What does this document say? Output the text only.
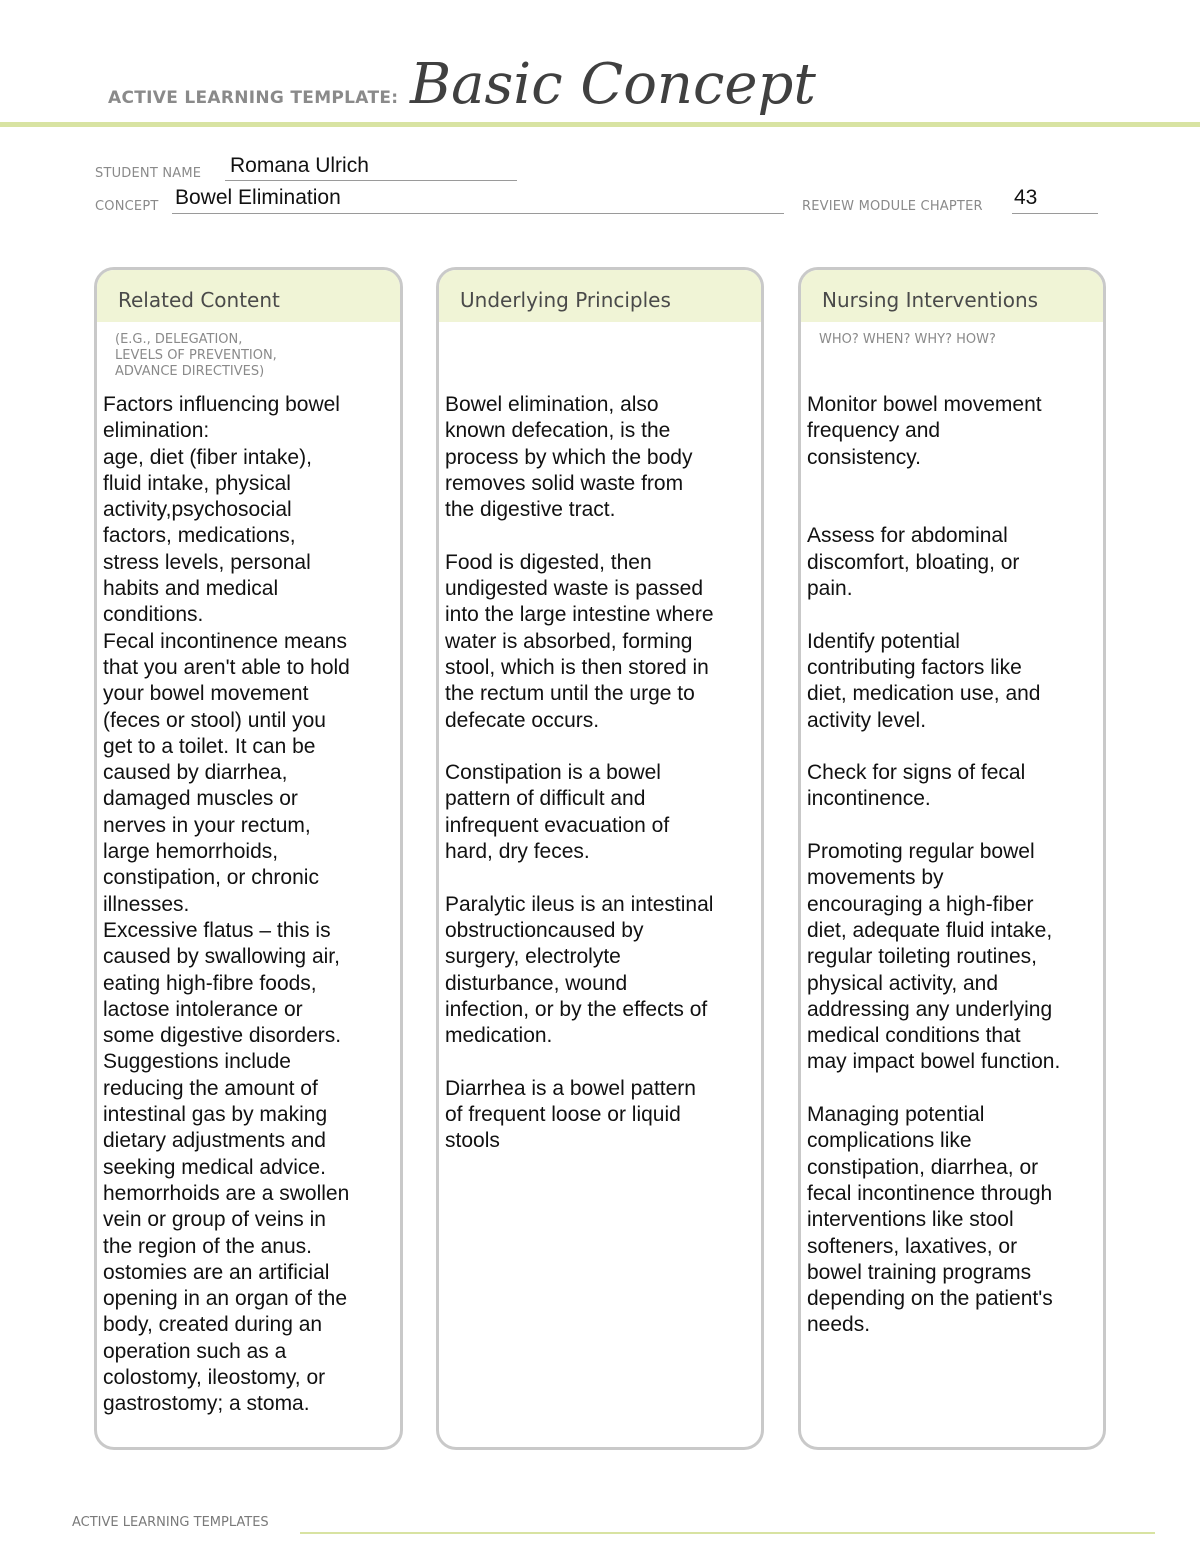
ACTIVE LEARNING TEMPLATE: Basic Concept
STUDENT NAME Romana Ulrich
CONCEPT Bowel Elimination	REVIEW MODULE CHAPTER 43
Related Content
(E.G., DELEGATION,
LEVELS OF PREVENTION,
ADVANCE DIRECTIVES)
Factors influencing bowel
elimination:
age, diet (fiber intake),
fluid intake, physical
activity,psychosocial
factors, medications,
stress levels, personal
habits and medical
conditions.
Fecal incontinence means
that you aren't able to hold
your bowel movement
(feces or stool) until you
get to a toilet. It can be
caused by diarrhea,
damaged muscles or
nerves in your rectum,
large hemorrhoids,
constipation, or chronic
illnesses.
Excessive flatus – this is
caused by swallowing air,
eating high-fibre foods,
lactose intolerance or
some digestive disorders.
Suggestions include
reducing the amount of
intestinal gas by making
dietary adjustments and
seeking medical advice.
hemorrhoids are a swollen
vein or group of veins in
the region of the anus.
ostomies are an artificial
opening in an organ of the
body, created during an
operation such as a
colostomy, ileostomy, or
gastrostomy; a stoma.
Underlying Principles
Bowel elimination, also
known defecation, is the
process by which the body
removes solid waste from
the digestive tract.

Food is digested, then
undigested waste is passed
into the large intestine where
water is absorbed, forming
stool, which is then stored in
the rectum until the urge to
defecate occurs.

Constipation is a bowel
pattern of difficult and
infrequent evacuation of
hard, dry feces.

Paralytic ileus is an intestinal
obstructioncaused by
surgery, electrolyte
disturbance, wound
infection, or by the effects of
medication.

Diarrhea is a bowel pattern
of frequent loose or liquid
stools
Nursing Interventions
WHO? WHEN? WHY? HOW?
Monitor bowel movement
frequency and
consistency.

Assess for abdominal
discomfort, bloating, or
pain.

Identify potential
contributing factors like
diet, medication use, and
activity level.

Check for signs of fecal
incontinence.

Promoting regular bowel
movements by
encouraging a high-fiber
diet, adequate fluid intake,
regular toileting routines,
physical activity, and
addressing any underlying
medical conditions that
may impact bowel function.

Managing potential
complications like
constipation, diarrhea, or
fecal incontinence through
interventions like stool
softeners, laxatives, or
bowel training programs
depending on the patient's
needs.
ACTIVE LEARNING TEMPLATES
